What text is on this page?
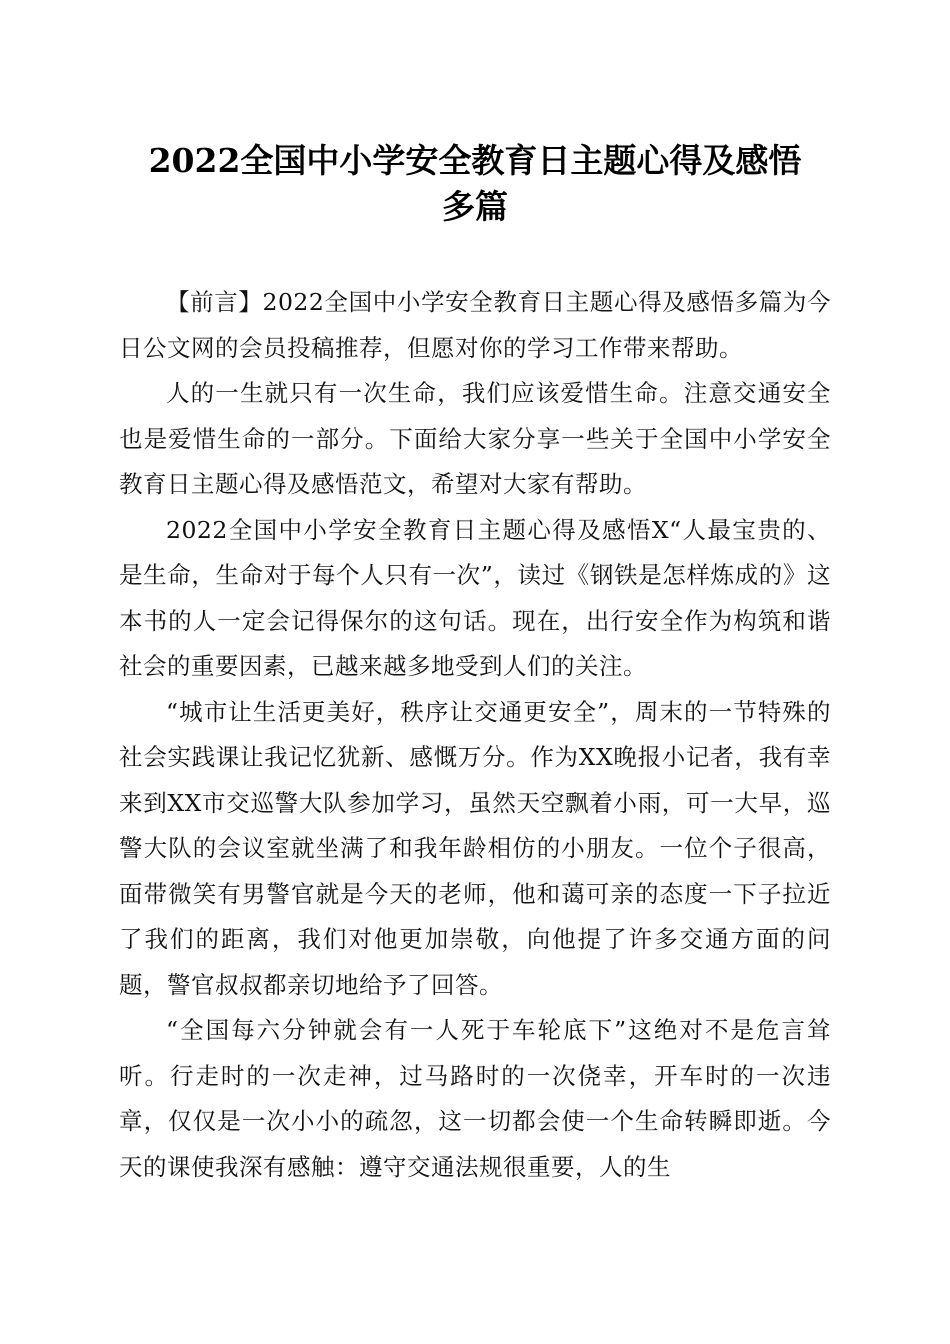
2022全国中小学安全教育日主题心得及感悟
多篇

【前言】2022全国中小学安全教育日主题心得及感悟多篇为今日公文网的会员投稿推荐，但愿对你的学习工作带来帮助。

人的一生就只有一次生命，我们应该爱惜生命。注意交通安全也是爱惜生命的一部分。下面给大家分享一些关于全国中小学安全教育日主题心得及感悟范文，希望对大家有帮助。

2022全国中小学安全教育日主题心得及感悟X“人最宝贵的、是生命，生命对于每个人只有一次”，读过《钢铁是怎样炼成的》这本书的人一定会记得保尔的这句话。现在，出行安全作为构筑和谐社会的重要因素，已越来越多地受到人们的关注。

“城市让生活更美好，秩序让交通更安全”，周末的一节特殊的社会实践课让我记忆犹新、感慨万分。作为XX晚报小记者，我有幸来到XX市交巡警大队参加学习，虽然天空飘着小雨，可一大早，巡警大队的会议室就坐满了和我年龄相仿的小朋友。一位个子很高，面带微笑有男警官就是今天的老师，他和蔼可亲的态度一下子拉近了我们的距离，我们对他更加崇敬，向他提了许多交通方面的问题，警官叔叔都亲切地给予了回答。

“全国每六分钟就会有一人死于车轮底下”这绝对不是危言耸听。行走时的一次走神，过马路时的一次侥幸，开车时的一次违章，仅仅是一次小小的疏忽，这一切都会使一个生命转瞬即逝。今天的课使我深有感触：遵守交通法规很重要，人的生
